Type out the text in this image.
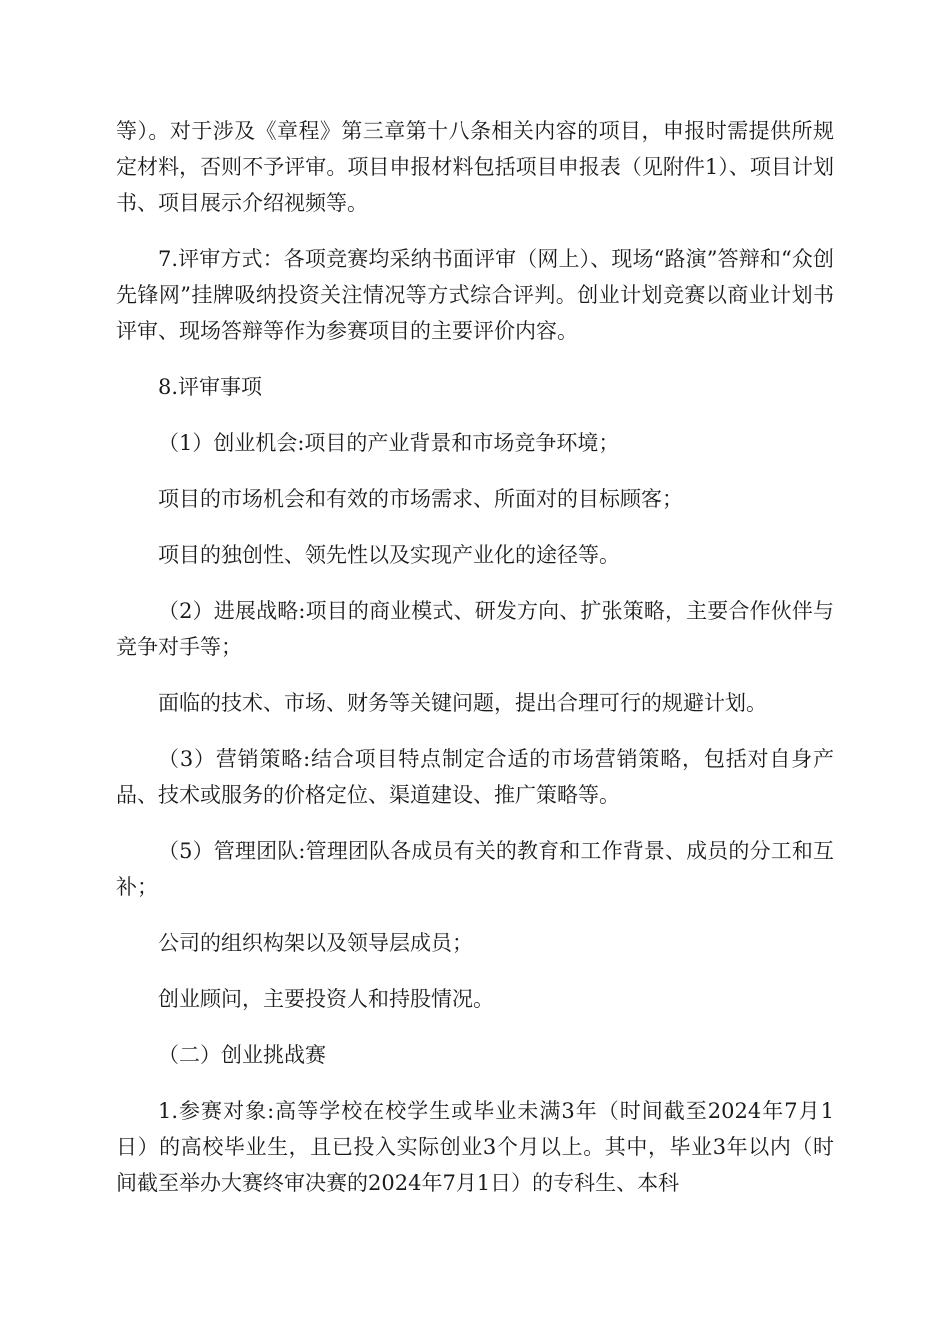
等）。对于涉及《章程》第三章第十八条相关内容的项目，申报时需提供所规定材料，否则不予评审。项目申报材料包括项目申报表（见附件1）、项目计划书、项目展示介绍视频等。

7.评审方式：各项竞赛均采纳书面评审（网上）、现场“路演”答辩和“众创先锋网”挂牌吸纳投资关注情况等方式综合评判。创业计划竞赛以商业计划书评审、现场答辩等作为参赛项目的主要评价内容。

8.评审事项

（1）创业机会:项目的产业背景和市场竞争环境；

项目的市场机会和有效的市场需求、所面对的目标顾客；

项目的独创性、领先性以及实现产业化的途径等。

（2）进展战略:项目的商业模式、研发方向、扩张策略，主要合作伙伴与竞争对手等；

面临的技术、市场、财务等关键问题，提出合理可行的规避计划。

（3）营销策略:结合项目特点制定合适的市场营销策略，包括对自身产品、技术或服务的价格定位、渠道建设、推广策略等。

（5）管理团队:管理团队各成员有关的教育和工作背景、成员的分工和互补；

公司的组织构架以及领导层成员；

创业顾问，主要投资人和持股情况。

（二）创业挑战赛

1.参赛对象:高等学校在校学生或毕业未满3年（时间截至2024年7月1日）的高校毕业生，且已投入实际创业3个月以上。其中，毕业3年以内（时间截至举办大赛终审决赛的2024年7月1日）的专科生、本科
